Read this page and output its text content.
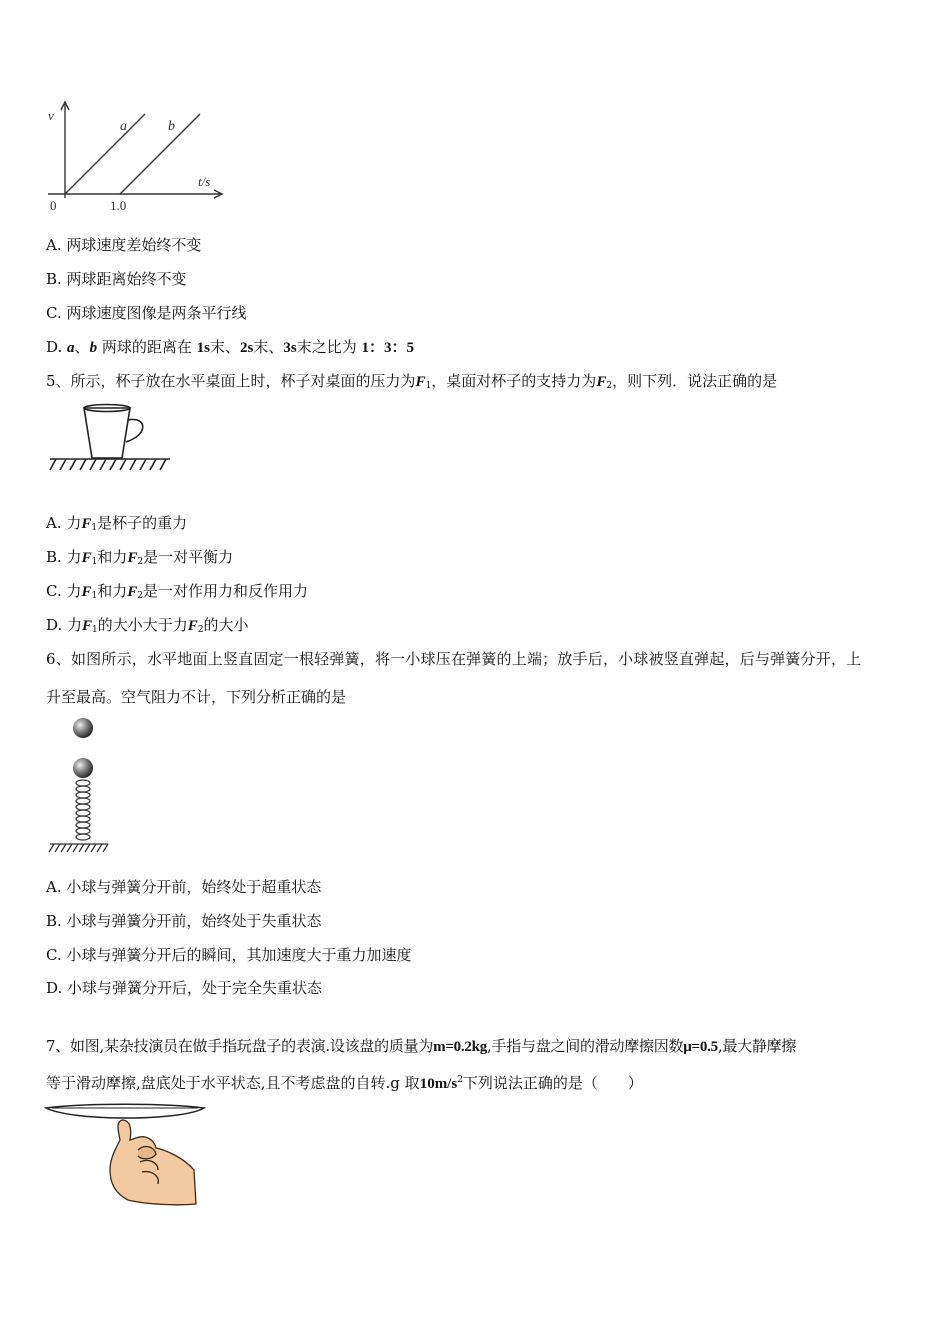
v
t/s
0	1.0
a	b
A. 两球速度差始终不变
B. 两球距离始终不变
C. 两球速度图像是两条平行线
D. a、b 两球的距离在 1s末、2s末、3s末之比为 1：3：5
5、所示，杯子放在水平桌面上时，杯子对桌面的压力为$F_1$，桌面对杯子的支持力为$F_2$，则下列．说法正确的是
A. 力$F_1$是杯子的重力
B. 力$F_1$和力$F_2$是一对平衡力
C. 力$F_1$和力$F_2$是一对作用力和反作用力
D. 力$F_1$的大小大于力$F_2$的大小
6、如图所示，水平地面上竖直固定一根轻弹簧，将一小球压在弹簧的上端；放手后，小球被竖直弹起，后与弹簧分开，上
升至最高。空气阻力不计，下列分析正确的是
A. 小球与弹簧分开前，始终处于超重状态
B. 小球与弹簧分开前，始终处于失重状态
C. 小球与弹簧分开后的瞬间，其加速度大于重力加速度
D. 小球与弹簧分开后，处于完全失重状态
7、如图,某杂技演员在做手指玩盘子的表演.设该盘的质量为m=0.2kg,手指与盘之间的滑动摩擦因数μ=0.5,最大静摩擦
等于滑动摩擦,盘底处于水平状态,且不考虑盘的自转.g 取$10m/s^2$下列说法正确的是（　　）
